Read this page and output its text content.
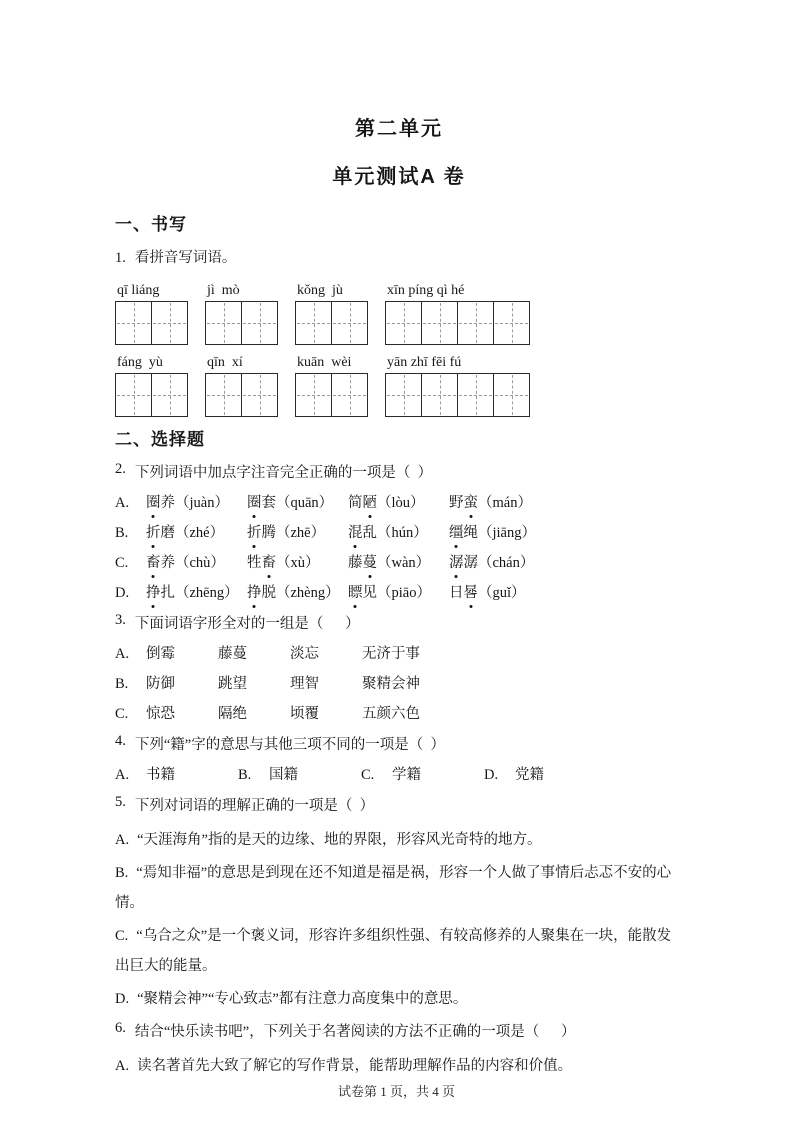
第二单元
单元测试A 卷
一、书写

1. 看拼音写词语。

qī liáng	jì  mò	kǒng  jù	xīn píng qì hé
fáng  yù	qīn  xí	kuān  wèi	yān zhī fēi fú
二、选择题

2. 下列词语中加点字注音完全正确的一项是（  ）

A.	圈养（juàn）	圈套（quān）	简陋（lòu）	野蛮（mán）
B.	折磨（zhé）	折腾（zhē）	混乱（hún）	缰绳（jiāng）
C.	畜养（chù）	牲畜（xù）	藤蔓（wàn）	潺潺（chán）
D.	挣扎（zhēng） 挣脱（zhèng） 瞟见（piāo）	日晷（guǐ）

3. 下面词语字形全对的一组是（      ）

A.	倒霉	藤蔓	淡忘	无济于事
B.	防御	跳望	理智	聚精会神
C.	惊恐	隔绝	顷覆	五颜六色

4. 下列“籍”字的意思与其他三项不同的一项是（  ）

A.	书籍	B.	国籍	C.	学籍	D.	党籍

5. 下列对词语的理解正确的一项是（  ）

A. “天涯海角”指的是天的边缘、地的界限，形容风光奇特的地方。
B. “焉知非福”的意思是到现在还不知道是福是祸，形容一个人做了事情后忐忑不安的心情。
C. “乌合之众”是一个褒义词，形容许多组织性强、有较高修养的人聚集在一块，能散发出巨大的能量。
D. “聚精会神”“专心致志”都有注意力高度集中的意思。

6. 结合“快乐读书吧”，下列关于名著阅读的方法不正确的一项是（      ）

A. 读名著首先大致了解它的写作背景，能帮助理解作品的内容和价值。
试卷第 1 页，共 4 页
